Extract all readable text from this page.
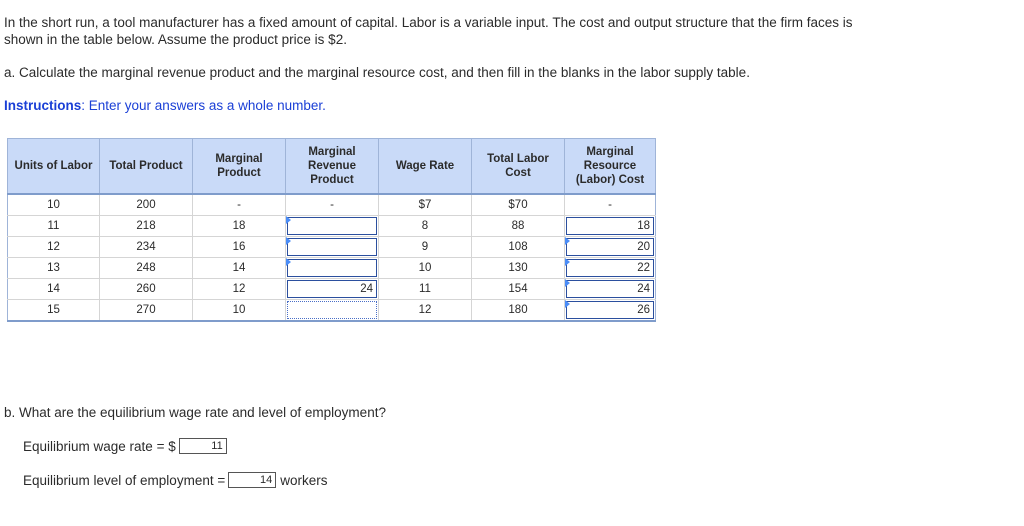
In the short run, a tool manufacturer has a fixed amount of capital. Labor is a variable input. The cost and output structure that the firm faces is shown in the table below. Assume the product price is $2.
a. Calculate the marginal revenue product and the marginal resource cost, and then fill in the blanks in the labor supply table.
Instructions: Enter your answers as a whole number.
Units of Labor	Total Product	Marginal Product	Marginal Revenue Product	Wage Rate	Total Labor Cost	Marginal Resource (Labor) Cost
10	200	-	-	$7	$70	-
11	218	18		8	88	18

12	234	16		9	108	20

13	248	14		10	130	22

14	260	12	24	11	154	24

15	270	10		12	180	26
b. What are the equilibrium wage rate and level of employment?
Equilibrium wage rate = $	11
Equilibrium level of employment =	14 workers
